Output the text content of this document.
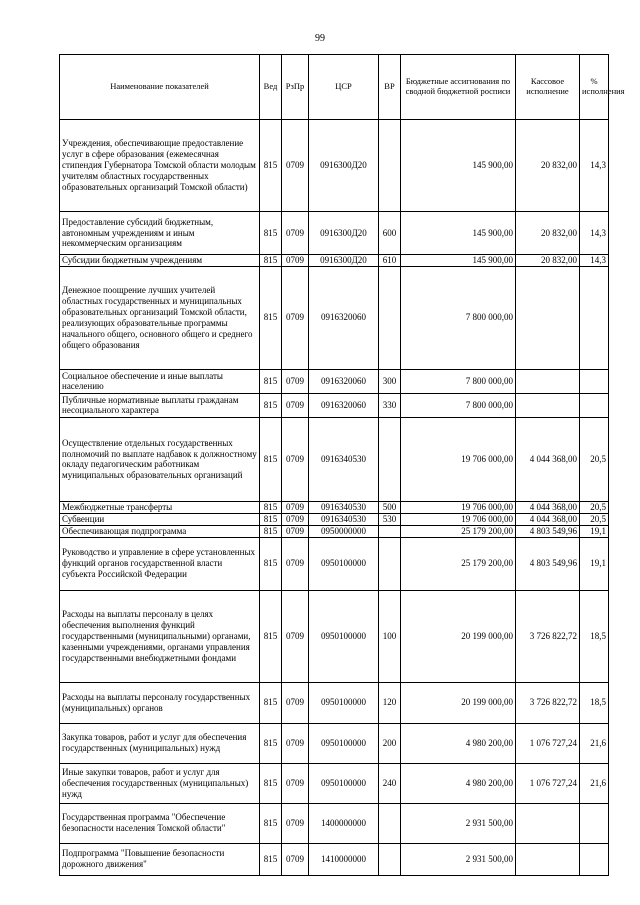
99
Наименование показателей	Вед	РзПр	ЦСР	ВР	Бюджетные ассигнования по сводной бюджетной росписи	Кассовое исполнение	% исполнения
Учреждения, обеспечивающие предоставление услуг в сфере образования (ежемесячная стипендия Губернатора Томской области молодым учителям областных государственных образовательных организаций Томской области)	815	0709	0916300Д20		145 900,00	20 832,00	14,3
Предоставление субсидий бюджетным, автономным учреждениям и иным некоммерческим организациям	815	0709	0916300Д20	600	145 900,00	20 832,00	14,3
Субсидии бюджетным учреждениям	815	0709	0916300Д20	610	145 900,00	20 832,00	14,3
Денежное поощрение лучших учителей областных государственных и муниципальных образовательных организаций Томской области, реализующих образовательные программы начального общего, основного общего и среднего общего образования	815	0709	0916320060		7 800 000,00		
Социальное обеспечение и иные выплаты населению	815	0709	0916320060	300	7 800 000,00		
Публичные нормативные выплаты гражданам несоциального характера	815	0709	0916320060	330	7 800 000,00		
Осуществление отдельных государственных полномочий по выплате надбавок к должностному окладу педагогическим работникам муниципальных образовательных организаций	815	0709	0916340530		19 706 000,00	4 044 368,00	20,5
Межбюджетные трансферты	815	0709	0916340530	500	19 706 000,00	4 044 368,00	20,5
Субвенции	815	0709	0916340530	530	19 706 000,00	4 044 368,00	20,5
Обеспечивающая подпрограмма	815	0709	0950000000		25 179 200,00	4 803 549,96	19,1
Руководство и управление в сфере установленных функций органов государственной власти субъекта Российской Федерации	815	0709	0950100000		25 179 200,00	4 803 549,96	19,1
Расходы на выплаты персоналу в целях обеспечения выполнения функций государственными (муниципальными) органами, казенными учреждениями, органами управления государственными внебюджетными фондами	815	0709	0950100000	100	20 199 000,00	3 726 822,72	18,5
Расходы на выплаты персоналу государственных (муниципальных) органов	815	0709	0950100000	120	20 199 000,00	3 726 822,72	18,5
Закупка товаров, работ и услуг для обеспечения государственных (муниципальных) нужд	815	0709	0950100000	200	4 980 200,00	1 076 727,24	21,6
Иные закупки товаров, работ и услуг для обеспечения государственных (муниципальных) нужд	815	0709	0950100000	240	4 980 200,00	1 076 727,24	21,6
Государственная программа "Обеспечение безопасности населения Томской области"	815	0709	1400000000		2 931 500,00		
Подпрограмма "Повышение безопасности дорожного движения"	815	0709	1410000000		2 931 500,00		
